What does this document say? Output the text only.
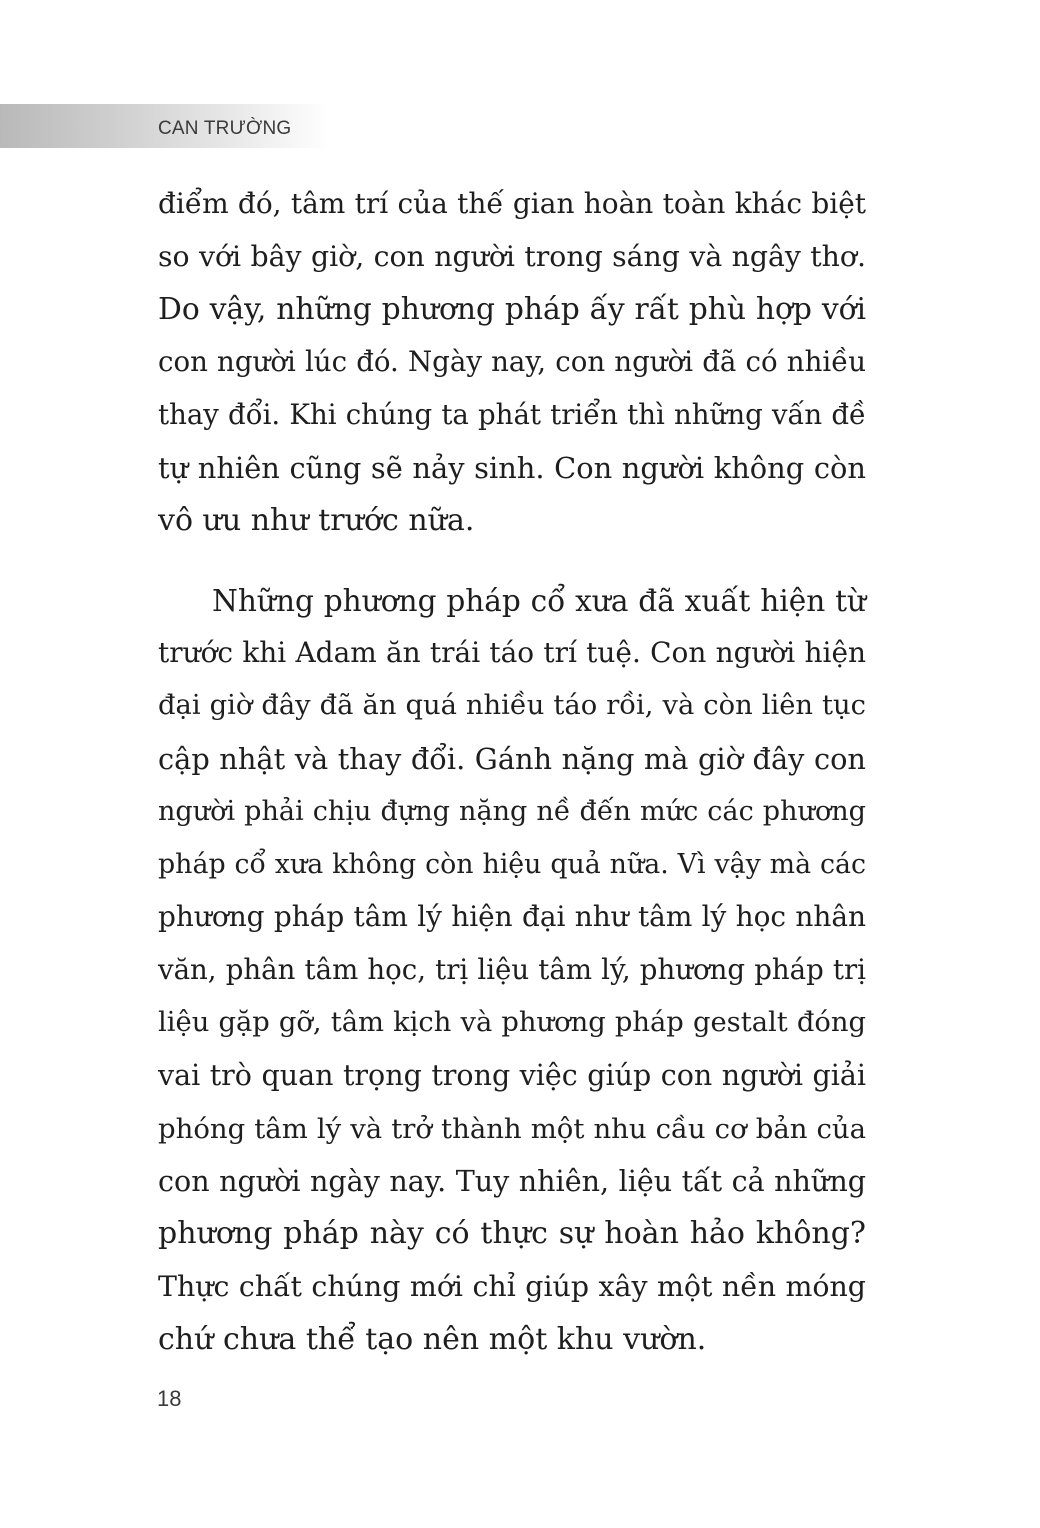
CAN TRƯỜNG
điểm đó, tâm trí của thế gian hoàn toàn khác biệt
so với bây giờ, con người trong sáng và ngây thơ.
Do vậy, những phương pháp ấy rất phù hợp với
con người lúc đó. Ngày nay, con người đã có nhiều
thay đổi. Khi chúng ta phát triển thì những vấn đề
tự nhiên cũng sẽ nảy sinh. Con người không còn
vô ưu như trước nữa.
Những phương pháp cổ xưa đã xuất hiện từ
trước khi Adam ăn trái táo trí tuệ. Con người hiện
đại giờ đây đã ăn quá nhiều táo rồi, và còn liên tục
cập nhật và thay đổi. Gánh nặng mà giờ đây con
người phải chịu đựng nặng nề đến mức các phương
pháp cổ xưa không còn hiệu quả nữa. Vì vậy mà các
phương pháp tâm lý hiện đại như tâm lý học nhân
văn, phân tâm học, trị liệu tâm lý, phương pháp trị
liệu gặp gỡ, tâm kịch và phương pháp gestalt đóng
vai trò quan trọng trong việc giúp con người giải
phóng tâm lý và trở thành một nhu cầu cơ bản của
con người ngày nay. Tuy nhiên, liệu tất cả những
phương pháp này có thực sự hoàn hảo không?
Thực chất chúng mới chỉ giúp xây một nền móng
chứ chưa thể tạo nên một khu vườn.
18
